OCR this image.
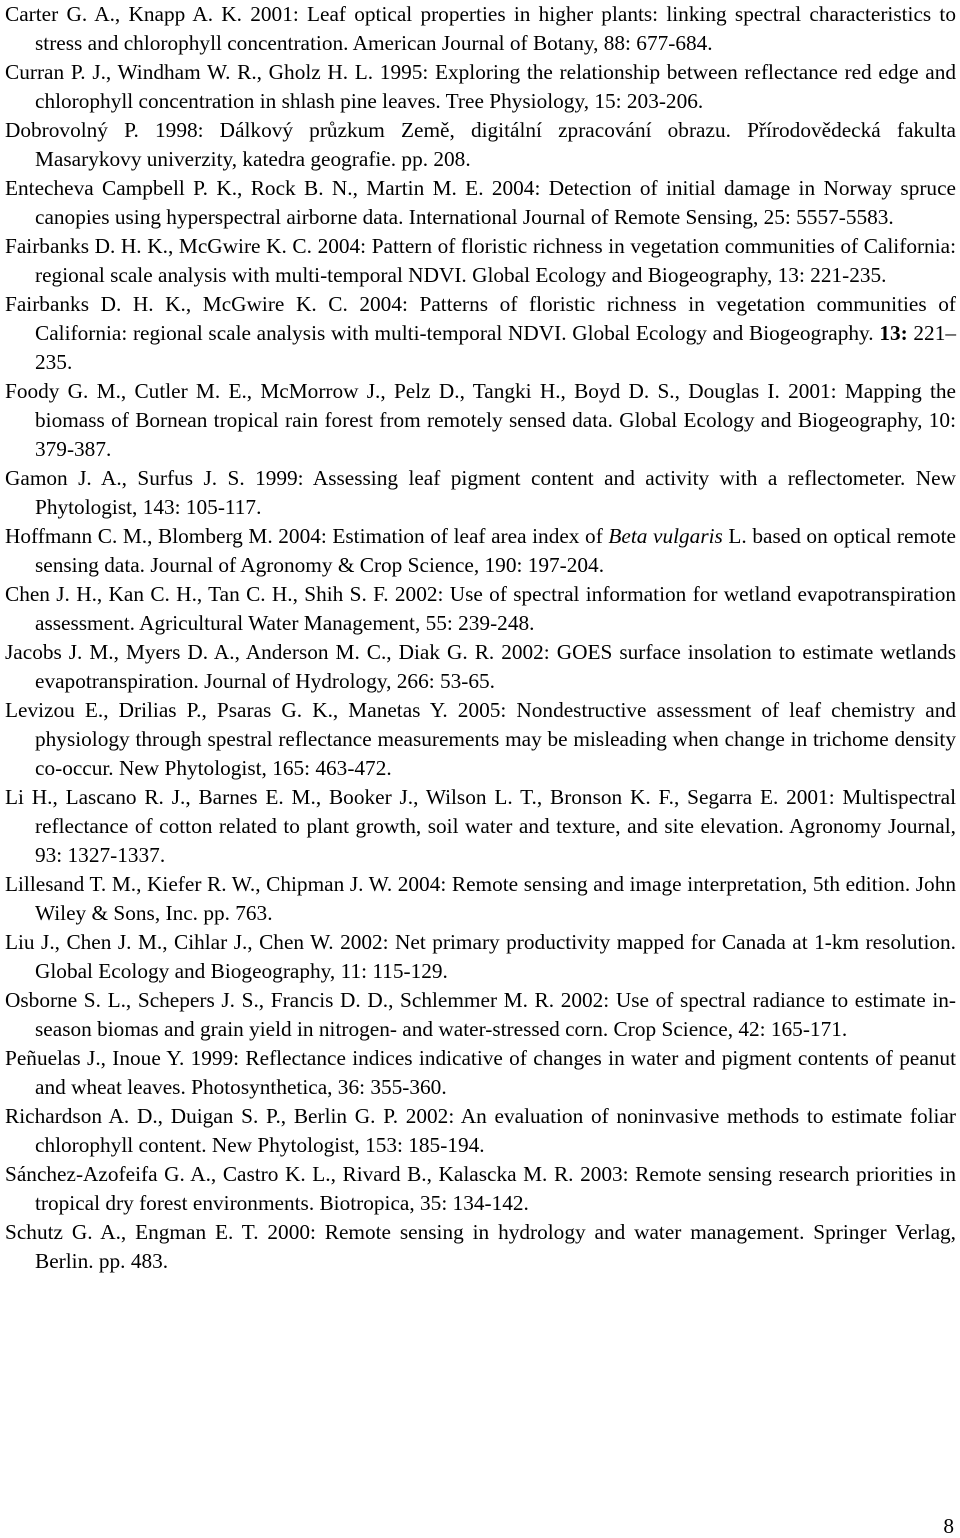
Carter G. A., Knapp A. K. 2001: Leaf optical properties in higher plants: linking spectral characteristics to stress and chlorophyll concentration. American Journal of Botany, 88: 677-684.

Curran P. J., Windham W. R., Gholz H. L. 1995: Exploring the relationship between reflectance red edge and chlorophyll concentration in shlash pine leaves. Tree Physiology, 15: 203-206.

Dobrovolný P. 1998: Dálkový průzkum Země, digitální zpracování obrazu. Přírodovědecká fakulta Masarykovy univerzity, katedra geografie. pp. 208.

Entecheva Campbell P. K., Rock B. N., Martin M. E. 2004: Detection of initial damage in Norway spruce canopies using hyperspectral airborne data. International Journal of Remote Sensing, 25: 5557-5583.

Fairbanks D. H. K., McGwire K. C. 2004: Pattern of floristic richness in vegetation communities of California: regional scale analysis with multi-temporal NDVI. Global Ecology and Biogeography, 13: 221-235.

Fairbanks D. H. K., McGwire K. C. 2004: Patterns of floristic richness in vegetation communities of California: regional scale analysis with multi-temporal NDVI. Global Ecology and Biogeography. 13: 221–235.

Foody G. M., Cutler M. E., McMorrow J., Pelz D., Tangki H., Boyd D. S., Douglas I. 2001: Mapping the biomass of Bornean tropical rain forest from remotely sensed data. Global Ecology and Biogeography, 10: 379-387.

Gamon J. A., Surfus J. S. 1999: Assessing leaf pigment content and activity with a reflectometer. New Phytologist, 143: 105-117.

Hoffmann C. M., Blomberg M. 2004: Estimation of leaf area index of Beta vulgaris L. based on optical remote sensing data. Journal of Agronomy & Crop Science, 190: 197-204.

Chen J. H., Kan C. H., Tan C. H., Shih S. F. 2002: Use of spectral information for wetland evapotranspiration assessment. Agricultural Water Management, 55: 239-248.

Jacobs J. M., Myers D. A., Anderson M. C., Diak G. R. 2002: GOES surface insolation to estimate wetlands evapotranspiration. Journal of Hydrology, 266: 53-65.

Levizou E., Drilias P., Psaras G. K., Manetas Y. 2005: Nondestructive assessment of leaf chemistry and physiology through spestral reflectance measurements may be misleading when change in trichome density co-occur. New Phytologist, 165: 463-472.

Li H., Lascano R. J., Barnes E. M., Booker J., Wilson L. T., Bronson K. F., Segarra E. 2001: Multispectral reflectance of cotton related to plant growth, soil water and texture, and site elevation. Agronomy Journal, 93: 1327-1337.

Lillesand T. M., Kiefer R. W., Chipman J. W. 2004: Remote sensing and image interpretation, 5th edition. John Wiley & Sons, Inc. pp. 763.

Liu J., Chen J. M., Cihlar J., Chen W. 2002: Net primary productivity mapped for Canada at 1-km resolution. Global Ecology and Biogeography, 11: 115-129.

Osborne S. L., Schepers J. S., Francis D. D., Schlemmer M. R. 2002: Use of spectral radiance to estimate in-season biomas and grain yield in nitrogen- and water-stressed corn. Crop Science, 42: 165-171.

Peñuelas J., Inoue Y. 1999: Reflectance indices indicative of changes in water and pigment contents of peanut and wheat leaves. Photosynthetica, 36: 355-360.

Richardson A. D., Duigan S. P., Berlin G. P. 2002: An evaluation of noninvasive methods to estimate foliar chlorophyll content. New Phytologist, 153: 185-194.

Sánchez-Azofeifa G. A., Castro K. L., Rivard B., Kalascka M. R. 2003: Remote sensing research priorities in tropical dry forest environments. Biotropica, 35: 134-142.

Schutz G. A., Engman E. T. 2000: Remote sensing in hydrology and water management. Springer Verlag, Berlin. pp. 483.

8
